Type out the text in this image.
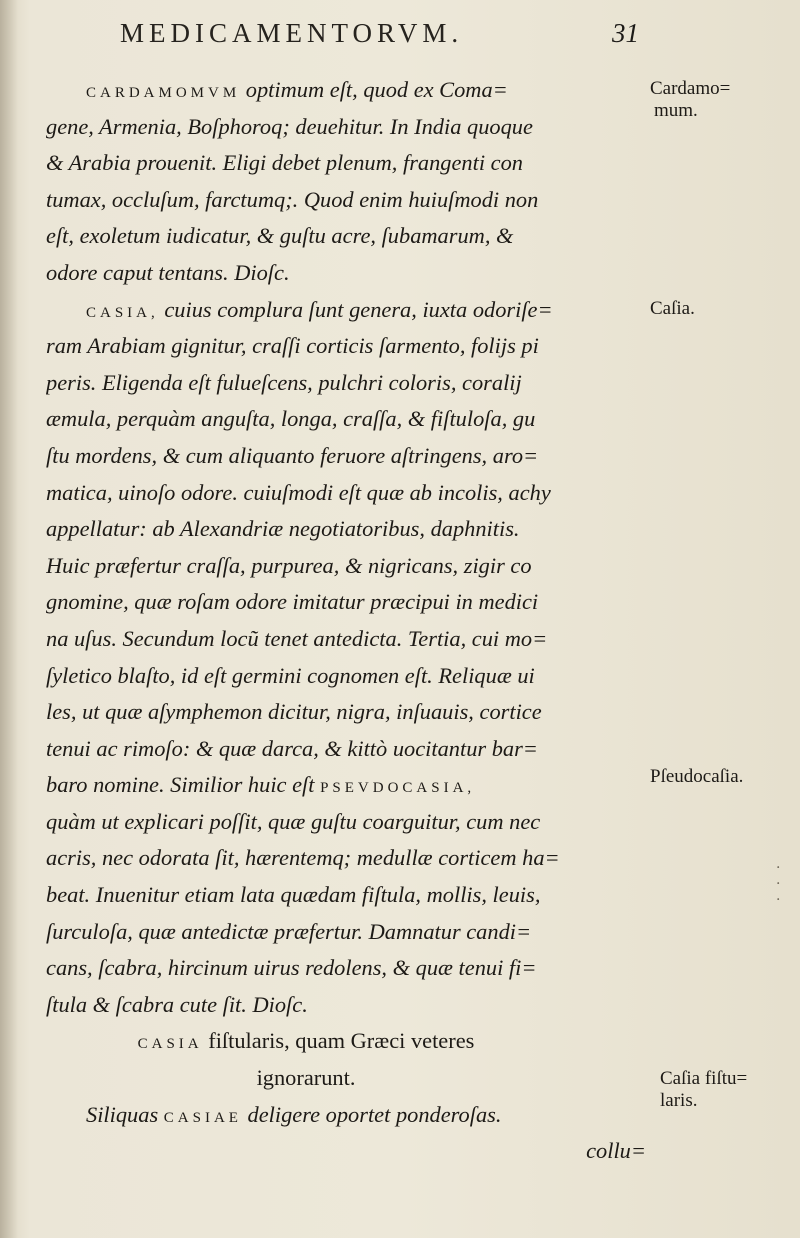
MEDICAMENTORVM.	31
CARDAMOMVM optimum eſt, quod ex Coma=
gene, Armenia, Boſphoroq; deuehitur. In India quoque
& Arabia prouenit. Eligi debet plenum, frangenti con
tumax, occluſum, farctumq;. Quod enim huiuſmodi non
eſt, exoletum iudicatur, & guſtu acre, ſubamarum, &
odore caput tentans. Dioſc.
CASIA, cuius complura ſunt genera, iuxta odoriſe=
ram Arabiam gignitur, craſſi corticis ſarmento, folijs pi
peris. Eligenda eſt fulueſcens, pulchri coloris, coralij
æmula, perquàm anguſta, longa, craſſa, & fiſtuloſa, gu
ſtu mordens, & cum aliquanto feruore aſtringens, aro=
matica, uinoſo odore. cuiuſmodi eſt quæ ab incolis, achy
appellatur: ab Alexandriæ negotiatoribus, daphnitis.
Huic præfertur craſſa, purpurea, & nigricans, zigir co
gnomine, quæ roſam odore imitatur præcipui in medici
na uſus. Secundum locũ tenet antedicta. Tertia, cui mo=
ſyletico blaſto, id eſt germini cognomen eſt. Reliquæ ui
les, ut quæ aſymphemon dicitur, nigra, inſuauis, cortice
tenui ac rimoſo: & quæ darca, & kittò uocitantur bar=
baro nomine. Similior huic eſt PSEVDOCASIA,
quàm ut explicari poſſit, quæ guſtu coarguitur, cum nec
acris, nec odorata ſit, hærentemq; medullæ corticem ha=
beat. Inuenitur etiam lata quædam fiſtula, mollis, leuis,
ſurculoſa, quæ antedictæ præfertur. Damnatur candi=
cans, ſcabra, hircinum uirus redolens, & quæ tenui fi=
ſtula & ſcabra cute ſit. Dioſc.
CASIA fiſtularis, quam Græci veteres
ignorarunt.
Siliquas CASIAE deligere oportet ponderoſas.
collu=
Cardamo=
mum.
Caſia.
Pſeudocaſia.
Caſia fiſtu=
laris.
·
·
·
